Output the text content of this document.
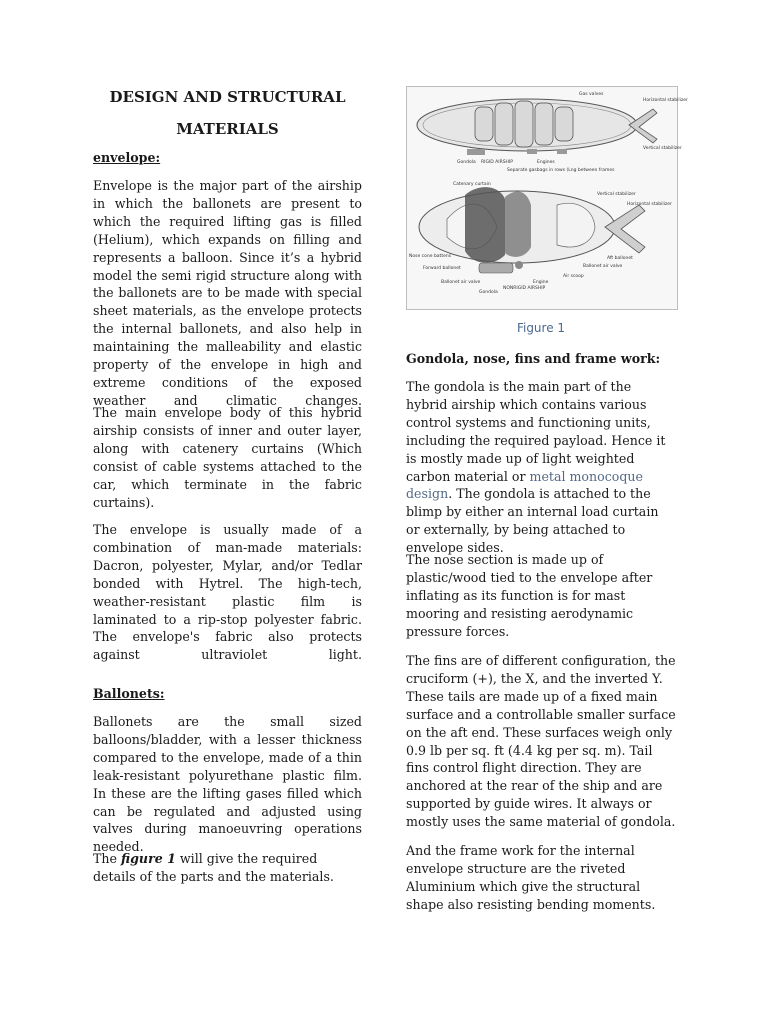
DESIGN AND STRUCTURAL
MATERIALS
envelope:

Envelope is the major part of the airship in which the ballonets are present to which the required lifting gas is filled (Helium), which expands on filling and represents a balloon. Since it’s a hybrid model the semi rigid structure along with the ballonets are to be made with special sheet materials, as the envelope protects the internal ballonets, and also help in maintaining the malleability and elastic property of the envelope in high and extreme conditions of the exposed weather and climatic changes.

The main envelope body of this hybrid airship consists of inner and outer layer, along with catenery curtains (Which consist of cable systems attached to the car, which terminate in the fabric curtains).

The envelope is usually made of a combination of man-made materials: Dacron, polyester, Mylar, and/or Tedlar bonded with Hytrel. The high-tech, weather-resistant plastic film is laminated to a rip-stop polyester fabric. The envelope's fabric also protects against ultraviolet light.

Ballonets:

Ballonets are the small sized balloons/bladder, with a lesser thickness compared to the envelope, made of a thin leak-resistant polyurethane plastic film. In these are the lifting gases filled which can be regulated and adjusted using valves during manoeuvring operations needed.

The figure 1 will give the required details of the parts and the materials.

Gas valves
Horizontal stabilizer
Vertical stabilizer
Gondola	Engines
RIGID AIRSHIP
Separate gasbags in rows (Lng between frames
Catenary curtain
Vertical stabilizer
Horizontal stabilizer
Aft ballonet
Ballonet air valve
Nose cone battens
Forward ballonet
Engine
Air scoop
Ballonet air valve
Gondola
NONRIGID AIRSHIP
Figure 1
Gondola, nose, fins and frame work:

The gondola is the main part of the hybrid airship which contains various control systems and functioning units, including the required payload. Hence it is mostly made up of light weighted carbon material or metal monocoque design. The gondola is attached to the blimp by either an internal load curtain or externally, by being attached to envelope sides.

The nose section is made up of plastic/wood tied to the envelope after inflating as its function is for mast mooring and resisting aerodynamic pressure forces.

The fins are of different configuration, the cruciform (+), the X, and the inverted Y. These tails are made up of a fixed main surface and a controllable smaller surface on the aft end. These surfaces weigh only 0.9 lb per sq. ft (4.4 kg per sq. m). Tail fins control flight direction. They are anchored at the rear of the ship and are supported by guide wires. It always or mostly uses the same material of gondola.

And the frame work for the internal envelope structure are the riveted Aluminium which give the structural shape also resisting bending moments.
